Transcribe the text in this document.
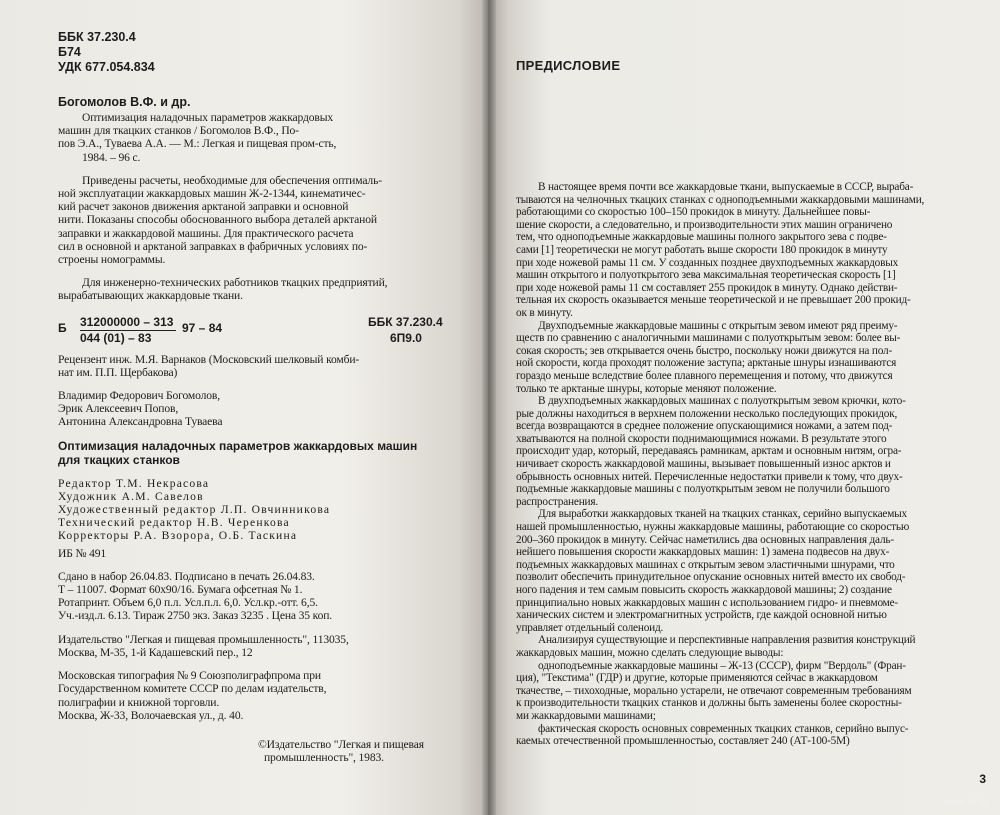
ББК 37.230.4
Б74
УДК 677.054.834
Богомолов В.Ф. и др.
Оптимизация наладочных параметров жаккардовых
машин для ткацких станков / Богомолов В.Ф., По-
пов Э.А., Туваева А.А. — М.: Легкая и пищевая пром-сть,
1984. – 96 с.
Приведены расчеты, необходимые для обеспечения оптималь-
ной эксплуатации жаккардовых машин Ж-2-1344, кинематичес-
кий расчет законов движения арктаной заправки и основной
нити. Показаны способы обоснованного выбора деталей арктаной
заправки и жаккардовой машины. Для практического расчета
сил в основной и арктаной заправках в фабричных условиях по-
строены номограммы.
Для инженерно-технических работников ткацких предприятий,
вырабатывающих жаккардовые ткани.
Б 312000000 – 313
044 (01) – 83
97 – 84	ББК 37.230.4
6П9.0
Рецензент инж. М.Я. Варнаков (Московский шелковый комби-
нат им. П.П. Щербакова)
Владимир Федорович Богомолов,
Эрик Алексеевич Попов,
Антонина Александровна Туваева
Оптимизация наладочных параметров жаккардовых машин
для ткацких станков
Редактор Т.М. Некрасова
Художник А.М. Савелов
Художественный редактор Л.П. Овчинникова
Технический редактор Н.В. Черенкова
Корректоры Р.А. Взорора, О.Б. Таскина
ИБ № 491
Сдано в набор 26.04.83. Подписано в печать 26.04.83.
Т – 11007. Формат 60х90/16. Бумага офсетная № 1.
Ротапринт. Объем 6,0 п.л. Усл.п.л. 6,0. Усл.кр.-отт. 6,5.
Уч.-изд.л. 6.13. Тираж 2750 экз. Заказ 3235 . Цена 35 коп.
Издательство "Легкая и пищевая промышленность", 113035,
Москва, М-35, 1-й Кадашевский пер., 12
Московская типография № 9 Союзполиграфпрома при
Государственном комитете СССР по делам издательств,
полиграфии и книжной торговли.
Москва, Ж-33, Волочаевская ул., д. 40.
©Издательство "Легкая и пищевая
промышленность", 1983.
ПРЕДИСЛОВИЕ
В настоящее время почти все жаккардовые ткани, выпускаемые в СССР, выраба-
тываются на челночных ткацких станках с одноподъемными жаккардовыми машинами,
работающими со скоростью 100–150 прокидок в минуту. Дальнейшее повы-
шение скорости, а следовательно, и производительности этих машин ограничено
тем, что одноподъемные жаккардовые машины полного закрытого зева с подве-
сами [1] теоретически не могут работать выше скорости 180 прокидок в минуту
при ходе ножевой рамы 11 см. У созданных позднее двухподъемных жаккардовых
машин открытого и полуоткрытого зева максимальная теоретическая скорость [1]
при ходе ножевой рамы 11 см составляет 255 прокидок в минуту. Однако действи-
тельная их скорость оказывается меньше теоретической и не превышает 200 прокид-
ок в минуту.
Двухподъемные жаккардовые машины с открытым зевом имеют ряд преиму-
ществ по сравнению с аналогичными машинами с полуоткрытым зевом: более вы-
сокая скорость; зев открывается очень быстро, поскольку ножи движутся на пол-
ной скорости, когда проходят положение заступа; арктаные шнуры изнашиваются
гораздо меньше вследствие более плавного перемещения и потому, что движутся
только те арктаные шнуры, которые меняют положение.
В двухподъемных жаккардовых машинах с полуоткрытым зевом крючки, кото-
рые должны находиться в верхнем положении несколько последующих прокидок,
всегда возвращаются в среднее положение опускающимися ножами, а затем под-
хватываются на полной скорости поднимающимися ножами. В результате этого
происходит удар, который, передаваясь рамникам, арктам и основным нитям, огра-
ничивает скорость жаккардовой машины, вызывает повышенный износ арктов и
обрывность основных нитей. Перечисленные недостатки привели к тому, что двух-
подъемные жаккардовые машины с полуоткрытым зевом не получили большого
распространения.
Для выработки жаккардовых тканей на ткацких станках, серийно выпускаемых
нашей промышленностью, нужны жаккардовые машины, работающие со скоростью
200–360 прокидок в минуту. Сейчас наметились два основных направления даль-
нейшего повышения скорости жаккардовых машин: 1) замена подвесов на двух-
подъемных жаккардовых машинах с открытым зевом эластичными шнурами, что
позволит обеспечить принудительное опускание основных нитей вместо их свобод-
ного падения и тем самым повысить скорость жаккардовой машины; 2) создание
принципиально новых жаккардовых машин с использованием гидро- и пневмоме-
ханических систем и электромагнитных устройств, где каждой основной нитью
управляет отдельный соленоид.
Анализируя существующие и перспективные направления развития конструкций
жаккардовых машин, можно сделать следующие выводы:
одноподъемные жаккардовые машины – Ж-13 (СССР), фирм "Вердоль" (Фран-
ция), "Текстима" (ГДР) и другие, которые применяются сейчас в жаккардовом
ткачестве, – тихоходные, морально устарели, не отвечают современным требованиям
к производительности ткацких станков и должны быть заменены более скоростны-
ми жаккардовыми машинами;
фактическая скорость основных современных ткацких станков, серийно выпус-
каемых отечественной промышленностью, составляет 240 (АТ-100-5М)
3
www.ay.by
